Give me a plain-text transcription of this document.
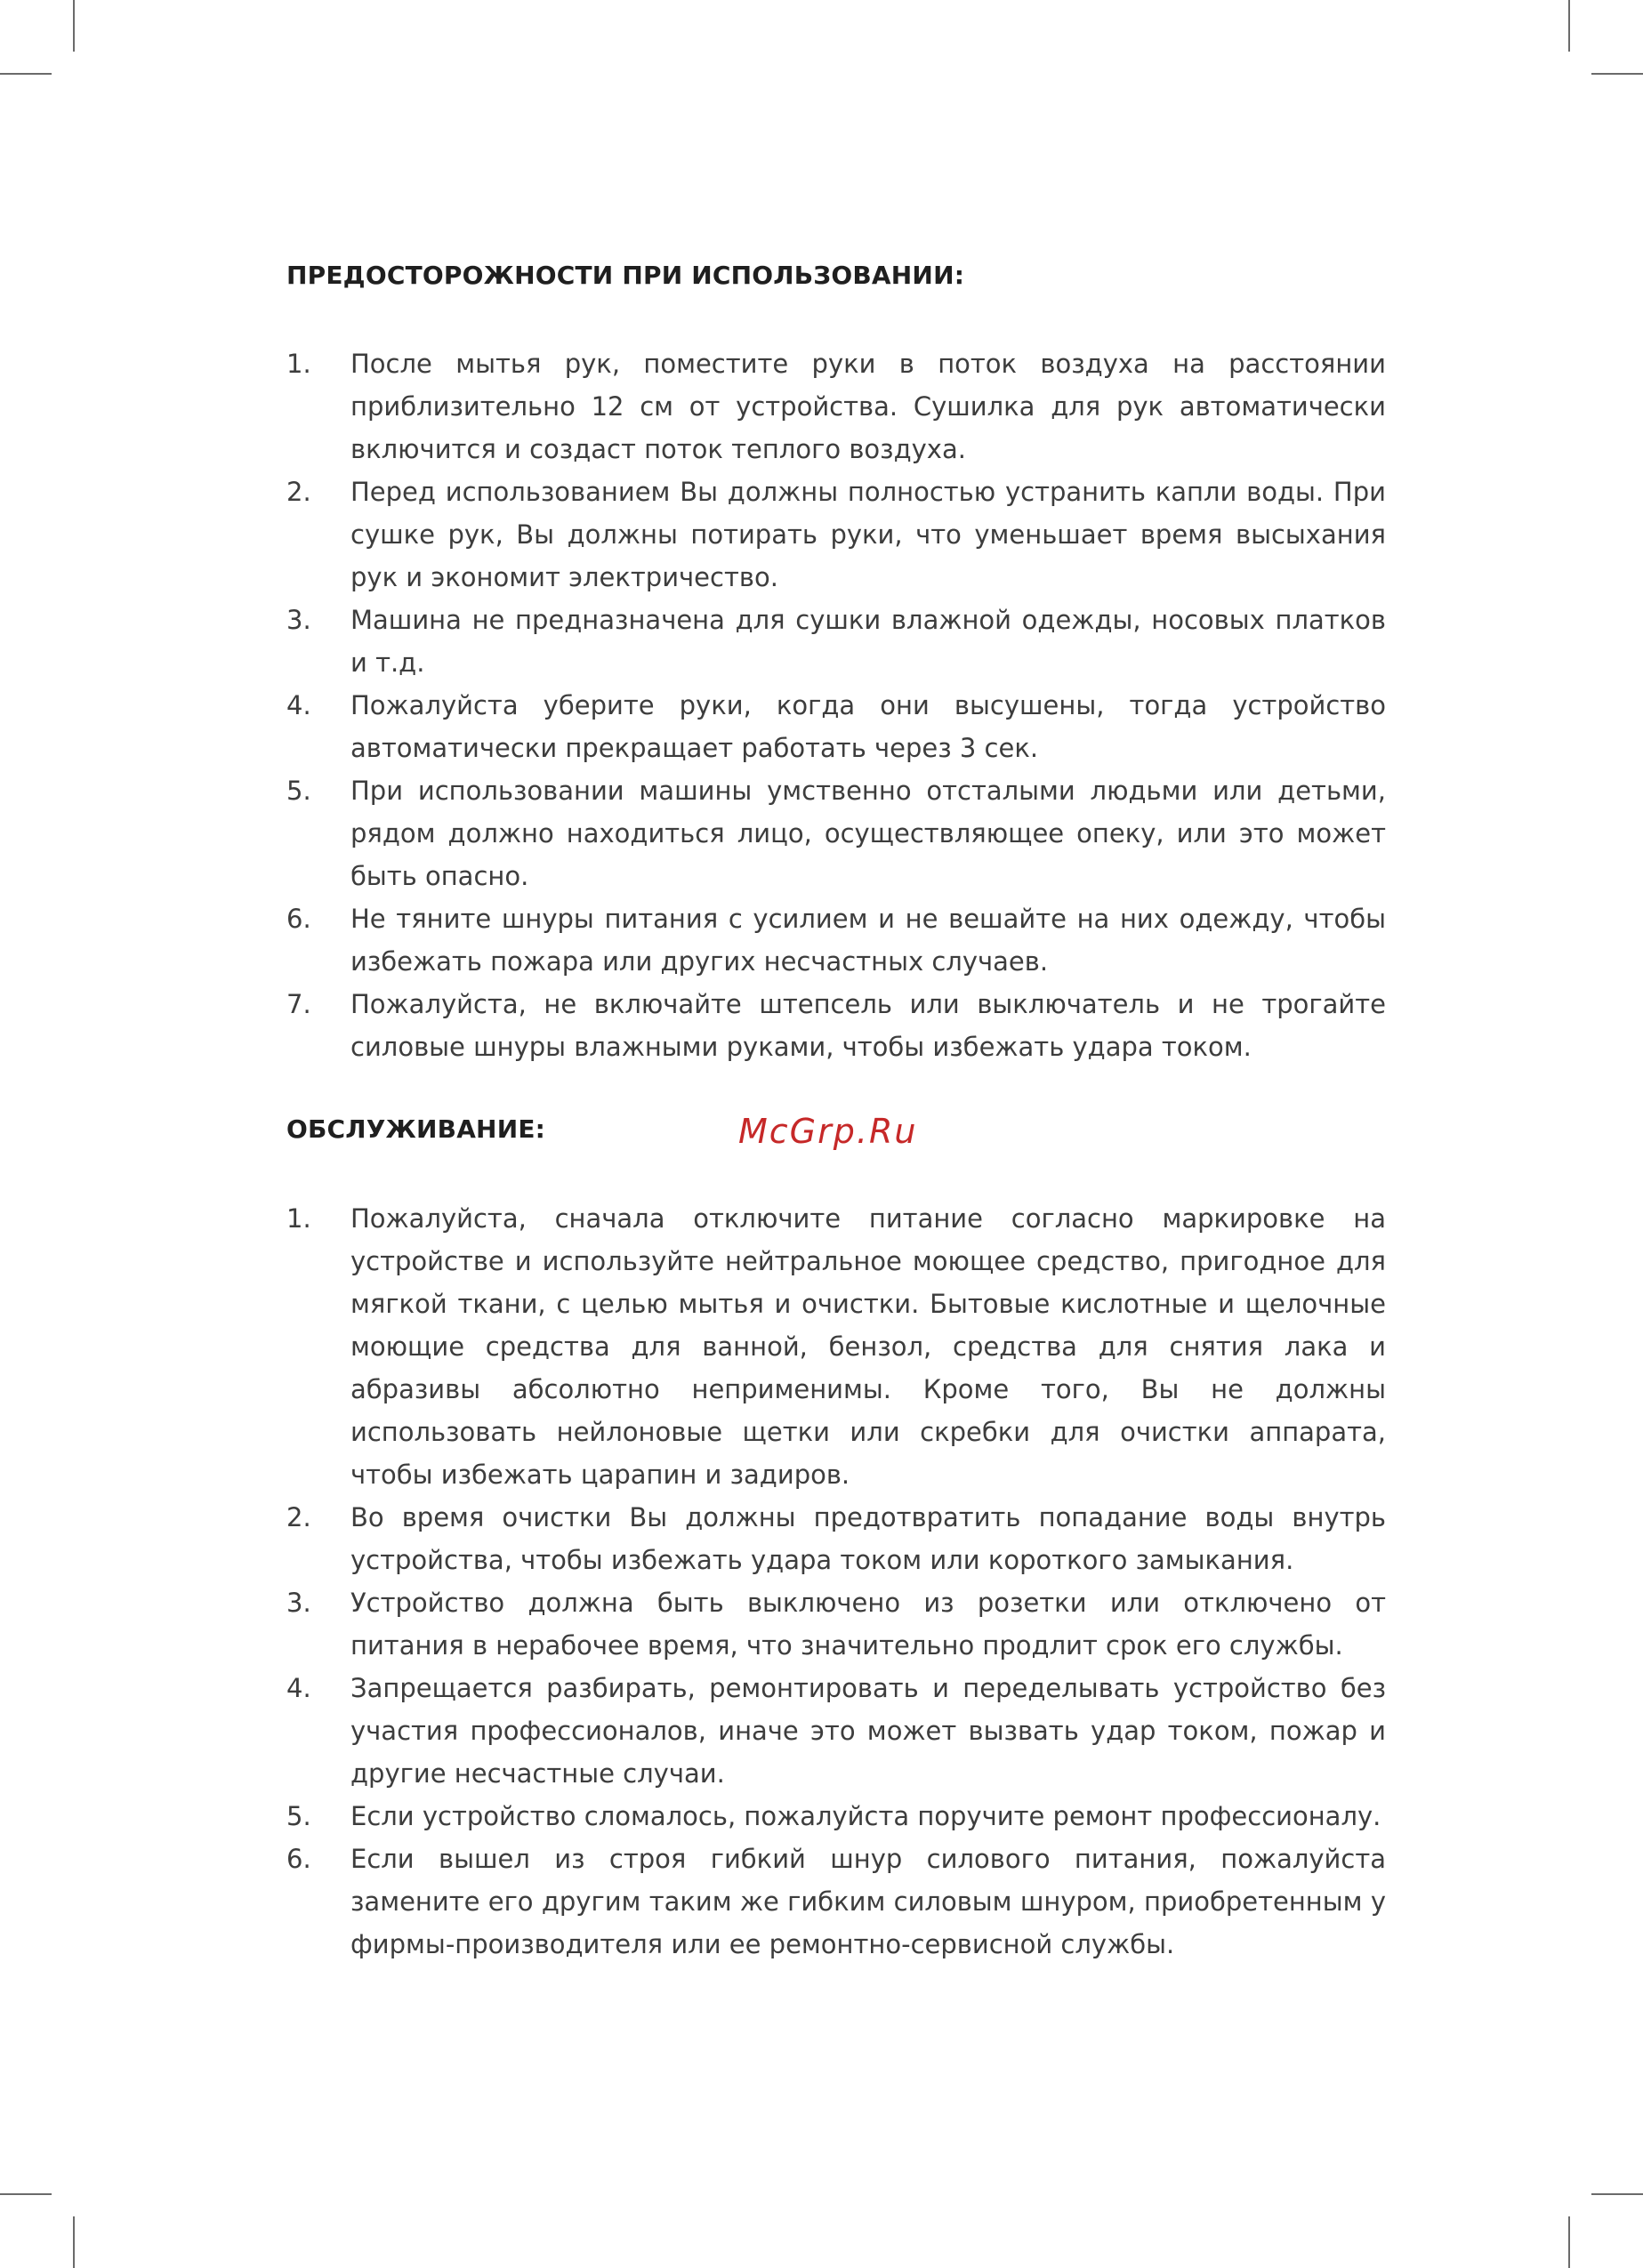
ПРЕДОСТОРОЖНОСТИ ПРИ ИСПОЛЬЗОВАНИИ:
1. После мытья рук, поместите руки в поток воздуха на расстоянии приблизительно 12 см от устройства. Сушилка для рук автоматически включится и создаст поток теплого воздуха.
2. Перед использованием Вы должны полностью устранить капли воды. При сушке рук, Вы должны потирать руки, что уменьшает время высыхания рук и экономит электричество.
3. Машина не предназначена для сушки влажной одежды, носовых платков и т.д.
4. Пожалуйста уберите руки, когда они высушены, тогда устройство автоматически прекращает работать через 3 сек.
5. При использовании машины умственно отсталыми людьми или детьми, рядом должно находиться лицо, осуществляющее опеку, или это может быть опасно.
6. Не тяните шнуры питания с усилием и не вешайте на них одежду, чтобы избежать пожара или других несчастных случаев.
7. Пожалуйста, не включайте штепсель или выключатель и не трогайте силовые шнуры влажными руками, чтобы избежать удара током.
ОБСЛУЖИВАНИЕ:	McGrp.Ru
1. Пожалуйста, сначала отключите питание согласно маркировке на устройстве и используйте нейтральное моющее средство, пригодное для мягкой ткани, с целью мытья и очистки. Бытовые кислотные и щелочные моющие средства для ванной, бензол, средства для снятия лака и абразивы абсолютно неприменимы. Кроме того, Вы не должны использовать нейлоновые щетки или скребки для очистки аппарата, чтобы избежать царапин и задиров.
2. Во время очистки Вы должны предотвратить попадание воды внутрь устройства, чтобы избежать удара током или короткого замыкания.
3. Устройство должна быть выключено из розетки или отключено от питания в нерабочее время, что значительно продлит срок его службы.
4. Запрещается разбирать, ремонтировать и переделывать устройство без участия профессионалов, иначе это может вызвать удар током, пожар и другие несчастные случаи.
5. Если устройство сломалось, пожалуйста поручите ремонт профессионалу.
6. Если вышел из строя гибкий шнур силового питания, пожалуйста замените его другим таким же гибким силовым шнуром, приобретенным у фирмы-производителя или ее ремонтно-сервисной службы.
